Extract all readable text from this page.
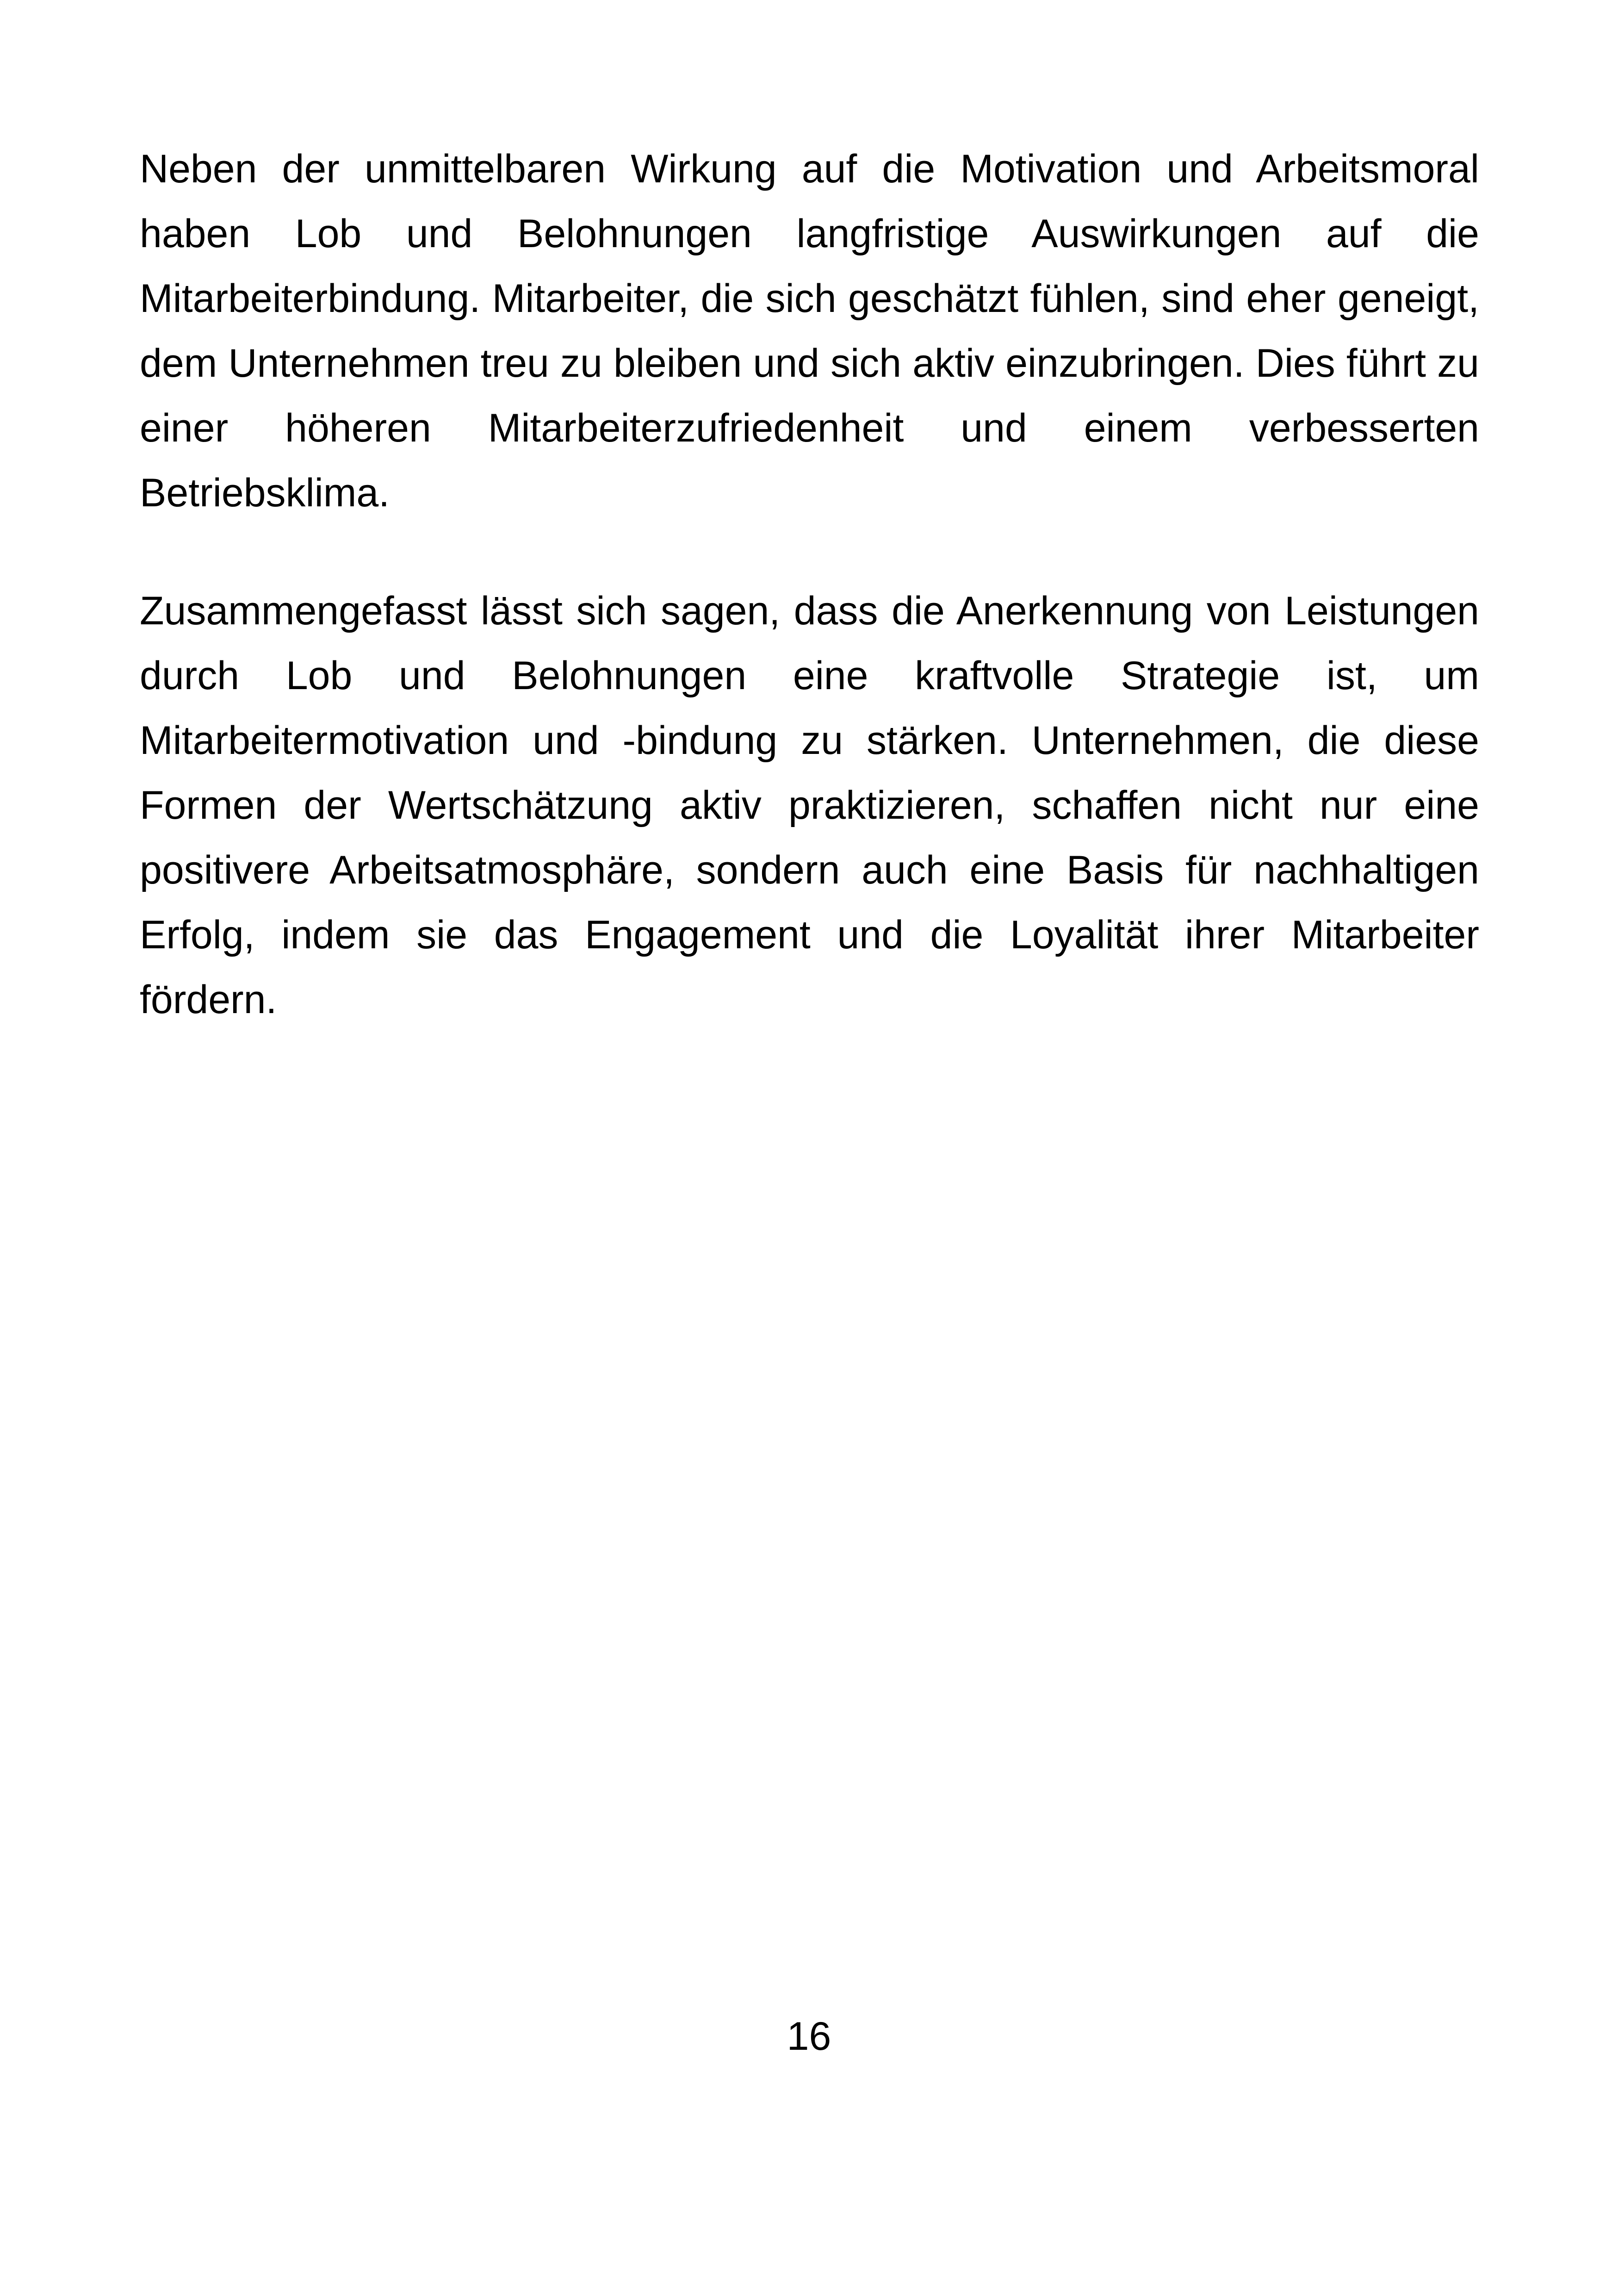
Neben der unmittelbaren Wirkung auf die Motivation und Arbeitsmoral haben Lob und Belohnungen langfristige Auswirkungen auf die Mitarbeiterbindung. Mitarbeiter, die sich geschätzt fühlen, sind eher geneigt, dem Unternehmen treu zu bleiben und sich aktiv einzubringen. Dies führt zu einer höheren Mitarbeiterzufriedenheit und einem verbesserten Betriebsklima.

Zusammengefasst lässt sich sagen, dass die Anerkennung von Leistungen durch Lob und Belohnungen eine kraftvolle Strategie ist, um Mitarbeitermotivation und -bindung zu stärken. Unternehmen, die diese Formen der Wertschätzung aktiv praktizieren, schaffen nicht nur eine positivere Arbeitsatmosphäre, sondern auch eine Basis für nachhaltigen Erfolg, indem sie das Engagement und die Loyalität ihrer Mitarbeiter fördern.

16
